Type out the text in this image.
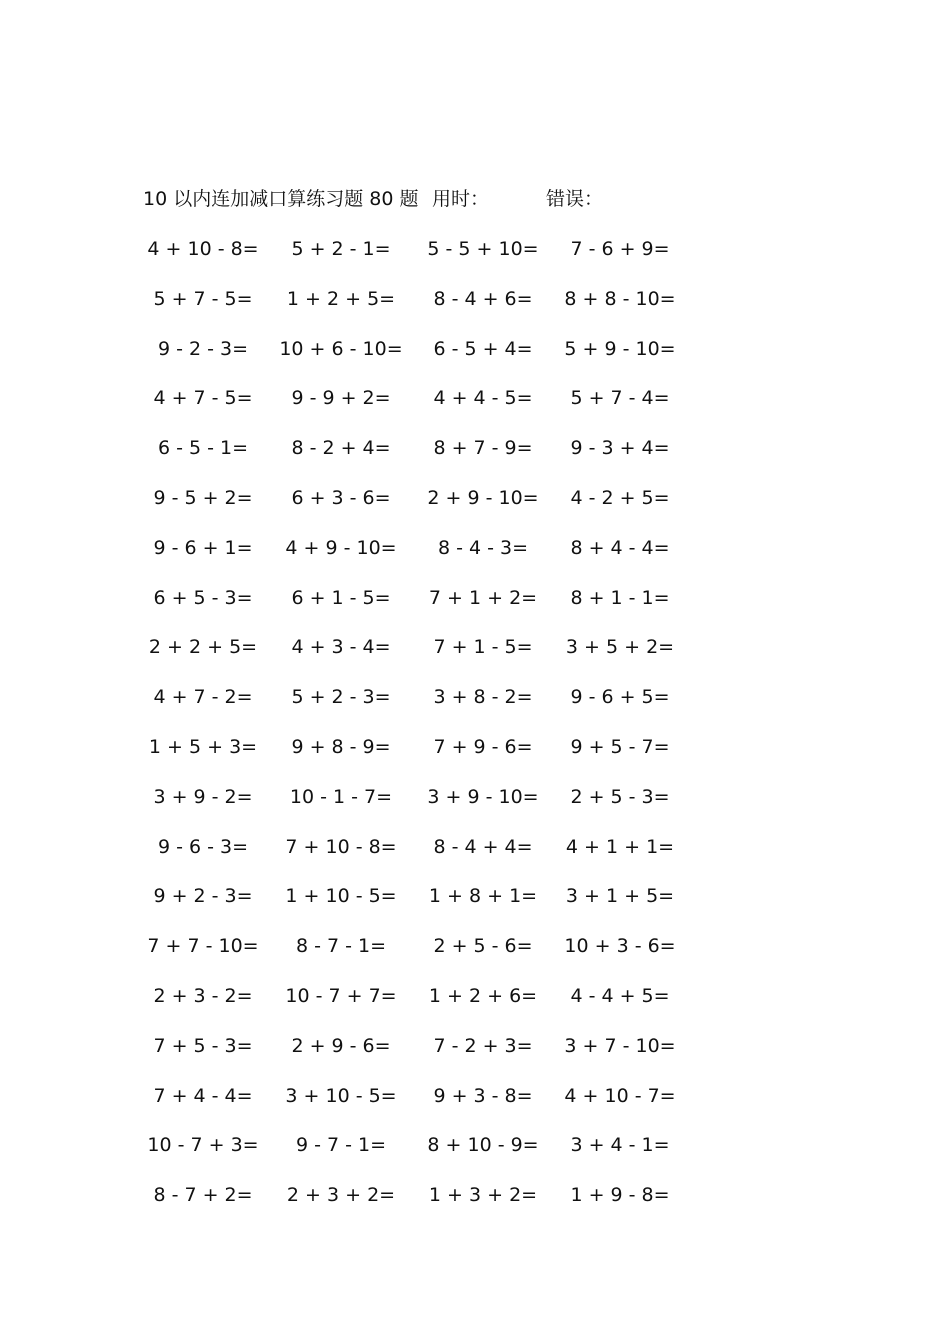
10 以内连加减口算练习题 80 题 用时：	错误：
4 + 10 - 8=	5 + 2 - 1=	5 - 5 + 10=	7 - 6 + 9=
5 + 7 - 5=	1 + 2 + 5=	8 - 4 + 6=	8 + 8 - 10=
9 - 2 - 3=	10 + 6 - 10=	6 - 5 + 4=	5 + 9 - 10=
4 + 7 - 5=	9 - 9 + 2=	4 + 4 - 5=	5 + 7 - 4=
6 - 5 - 1=	8 - 2 + 4=	8 + 7 - 9=	9 - 3 + 4=
9 - 5 + 2=	6 + 3 - 6=	2 + 9 - 10=	4 - 2 + 5=
9 - 6 + 1=	4 + 9 - 10=	8 - 4 - 3=	8 + 4 - 4=
6 + 5 - 3=	6 + 1 - 5=	7 + 1 + 2=	8 + 1 - 1=
2 + 2 + 5=	4 + 3 - 4=	7 + 1 - 5=	3 + 5 + 2=
4 + 7 - 2=	5 + 2 - 3=	3 + 8 - 2=	9 - 6 + 5=
1 + 5 + 3=	9 + 8 - 9=	7 + 9 - 6=	9 + 5 - 7=
3 + 9 - 2=	10 - 1 - 7=	3 + 9 - 10=	2 + 5 - 3=
9 - 6 - 3=	7 + 10 - 8=	8 - 4 + 4=	4 + 1 + 1=
9 + 2 - 3=	1 + 10 - 5=	1 + 8 + 1=	3 + 1 + 5=
7 + 7 - 10=	8 - 7 - 1=	2 + 5 - 6=	10 + 3 - 6=
2 + 3 - 2=	10 - 7 + 7=	1 + 2 + 6=	4 - 4 + 5=
7 + 5 - 3=	2 + 9 - 6=	7 - 2 + 3=	3 + 7 - 10=
7 + 4 - 4=	3 + 10 - 5=	9 + 3 - 8=	4 + 10 - 7=
10 - 7 + 3=	9 - 7 - 1=	8 + 10 - 9=	3 + 4 - 1=
8 - 7 + 2=	2 + 3 + 2=	1 + 3 + 2=	1 + 9 - 8=
